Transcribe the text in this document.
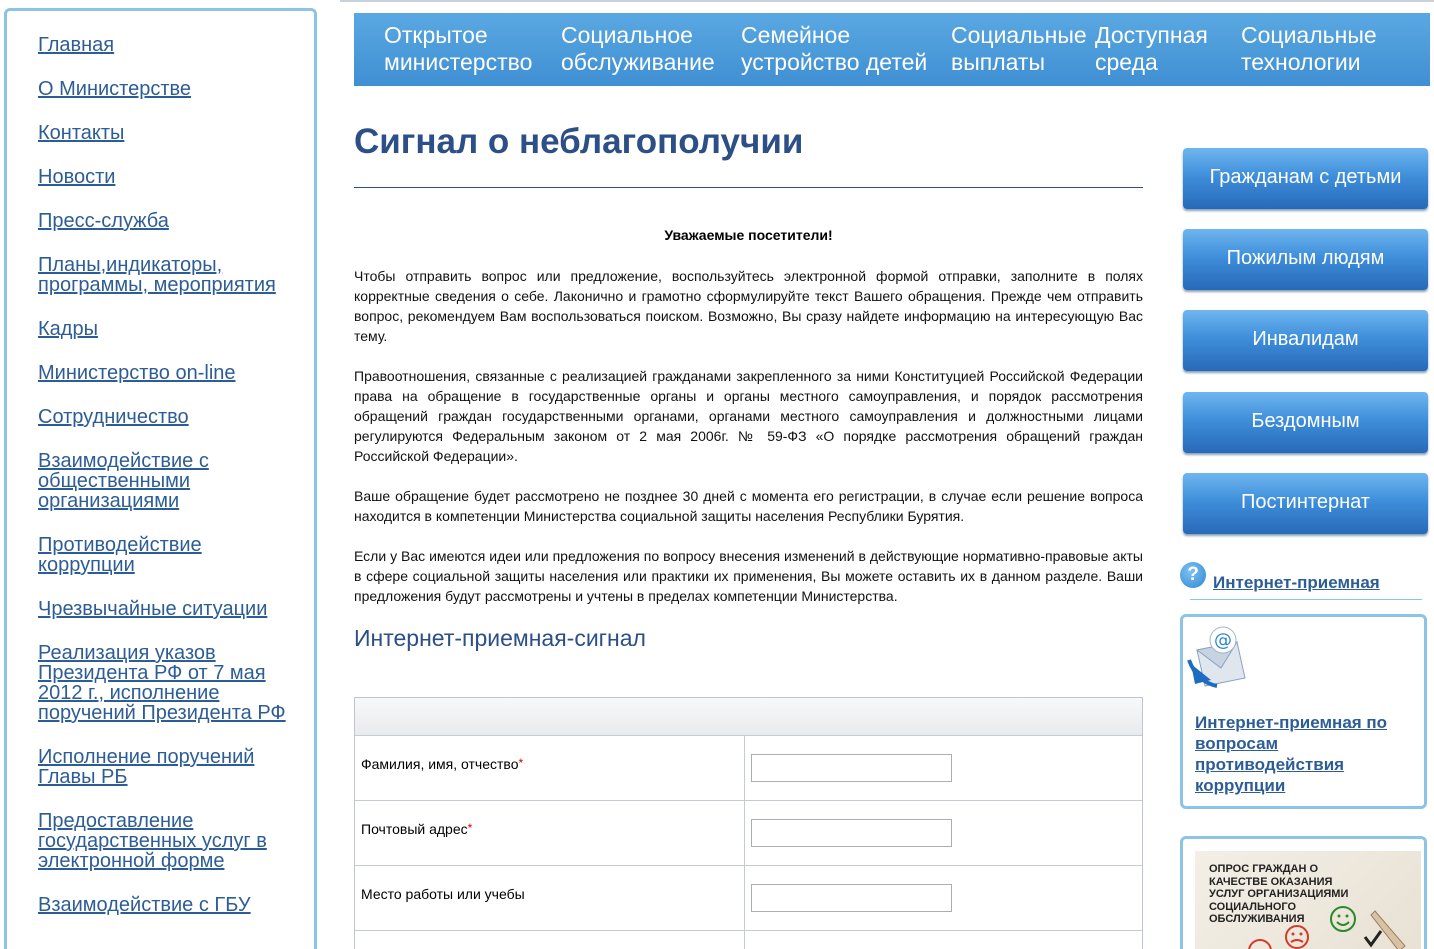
Главная
О Министерстве
Контакты
Новости
Пресс-служба
Планы,индикаторы, программы, мероприятия
Кадры
Министерство on-line
Сотрудничество
Взаимодействие с общественными организациями
Противодействие коррупции
Чрезвычайные ситуации
Реализация указов Президента РФ от 7 мая 2012 г., исполнение поручений Президента РФ
Исполнение поручений Главы РБ
Предоставление государственных услуг в электронной форме
Взаимодействие с ГБУ
Открытое
министерство
Социальное
обслуживание
Семейное
устройство детей
Социальные
выплаты
Доступная
среда
Социальные
технологии
Сигнал о неблагополучии
Уважаемые посетители!

Чтобы отправить вопрос или предложение, воспользуйтесь электронной формой отправки, заполните в полях корректные сведения о себе. Лаконично и грамотно сформулируйте текст Вашего обращения. Прежде чем отправить вопрос, рекомендуем Вам воспользоваться поиском. Возможно, Вы сразу найдете информацию на интересующую Вас тему.

Правоотношения, связанные с реализацией гражданами закрепленного за ними Конституцией Российской Федерации права на обращение в государственные органы и органы местного самоуправления, и порядок рассмотрения обращений граждан государственными органами, органами местного самоуправления и должностными лицами регулируются Федеральным законом от 2 мая 2006г. № 59-ФЗ «О порядке рассмотрения обращений граждан Российской Федерации».

Ваше обращение будет рассмотрено не позднее 30 дней с момента его регистрации, в случае если решение вопроса находится в компетенции Министерства социальной защиты населения Республики Бурятия.

Если у Вас имеются идеи или предложения по вопросу внесения изменений в действующие нормативно-правовые акты в сфере социальной защиты населения или практики их применения, Вы можете оставить их в данном разделе. Ваши предложения будут рассмотрены и учтены в пределах компетенции Министерства.

Интернет-приемная-сигнал
Фамилия, имя, отчество*
Почтовый адрес*
Место работы или учебы
Гражданам с детьми
Пожилым людям
Инвалидам
Бездомным
Постинтернат
? Интернет-приемная
@
Интернет-приемная по вопросам противодействия коррупции
ОПРОС ГРАЖДАН О КАЧЕСТВЕ ОКАЗАНИЯ УСЛУГ ОРГАНИЗАЦИЯМИ СОЦИАЛЬНОГО ОБСЛУЖИВАНИЯ
